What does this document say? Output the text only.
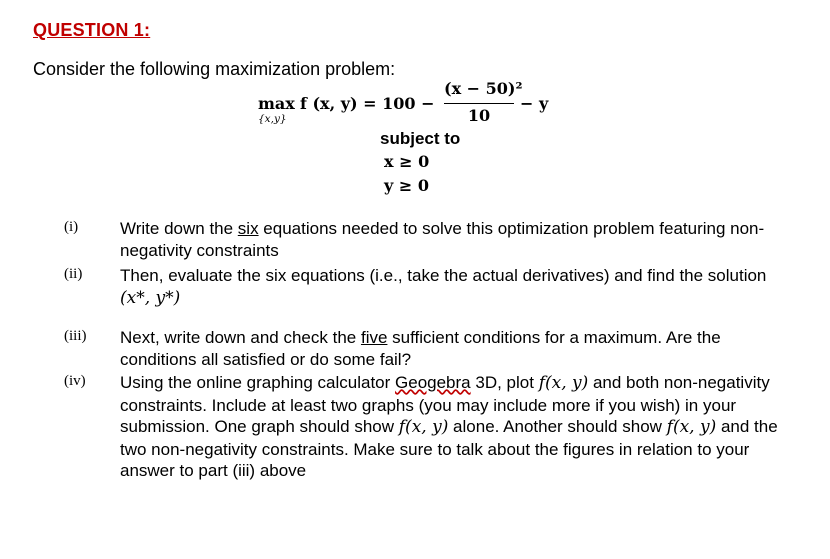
QUESTION 1:
Consider the following maximization problem:
max
{x,y}
f (x, y) = 100 −
(x − 50)²
10
− y
subject to
x ≥ 0
y ≥ 0
(i) Write down the six equations needed to solve this optimization problem featuring non-negativity constraints
(ii) Then, evaluate the six equations (i.e., take the actual derivatives) and find the solution (x*, y*)
(iii) Next, write down and check the five sufficient conditions for a maximum. Are the conditions all satisfied or do some fail?
(iv) Using the online graphing calculator Geogebra 3D, plot f(x, y) and both non-negativity constraints. Include at least two graphs (you may include more if you wish) in your submission. One graph should show f(x, y) alone. Another should show f(x, y) and the two non-negativity constraints. Make sure to talk about the figures in relation to your answer to part (iii) above
